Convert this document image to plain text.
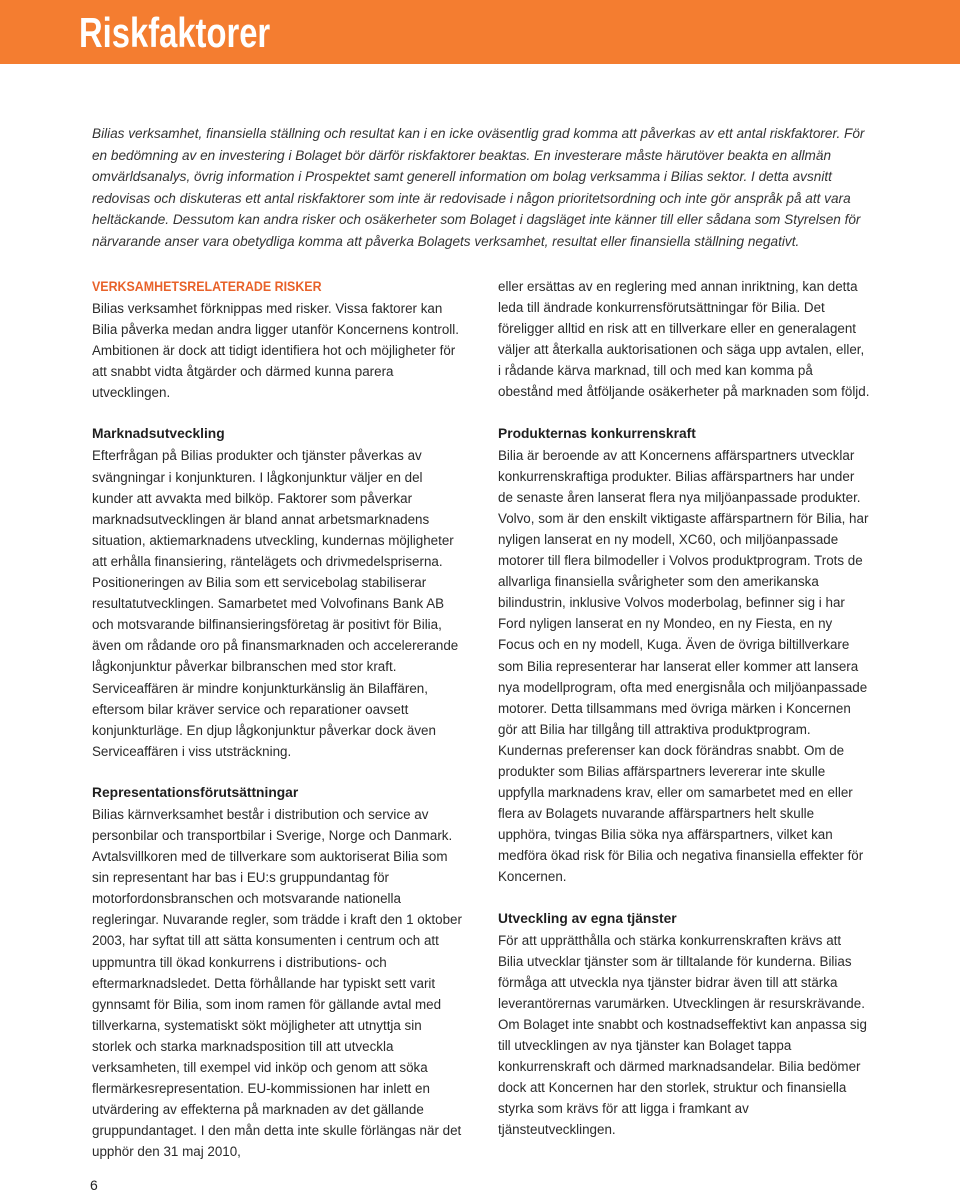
Riskfaktorer

Bilias verksamhet, finansiella ställning och resultat kan i en icke oväsentlig grad komma att påverkas av ett antal riskfaktorer. För en bedömning av en investering i Bolaget bör därför riskfaktorer beaktas. En investerare måste härutöver beakta en allmän omvärldsanalys, övrig information i Prospektet samt generell information om bolag verksamma i Bilias sektor. I detta avsnitt redovisas och diskuteras ett antal riskfaktorer som inte är redovisade i någon prioritetsordning och inte gör anspråk på att vara heltäckande. Dessutom kan andra risker och osäkerheter som Bolaget i dagsläget inte känner till eller sådana som Styrelsen för närvarande anser vara obetydliga komma att påverka Bolagets verksamhet, resultat eller finansiella ställning negativt.

VERKSAMHETSRELATERADE RISKER

Bilias verksamhet förknippas med risker. Vissa faktorer kan Bilia påverka medan andra ligger utanför Koncernens kontroll. Ambitionen är dock att tidigt identifiera hot och möjligheter för att snabbt vidta åtgärder och därmed kunna parera utvecklingen.

Marknadsutveckling

Efterfrågan på Bilias produkter och tjänster påverkas av svängningar i konjunkturen. I lågkonjunktur väljer en del kunder att avvakta med bilköp. Faktorer som påverkar marknadsutvecklingen är bland annat arbetsmarknadens situation, aktiemarknadens utveckling, kundernas möjligheter att erhålla finansiering, räntelägets och drivmedelspriserna. Positioneringen av Bilia som ett servicebolag stabiliserar resultatutvecklingen. Samarbetet med Volvofinans Bank AB och motsvarande bilfinansieringsföretag är positivt för Bilia, även om rådande oro på finansmarknaden och accelererande lågkonjunktur påverkar bilbranschen med stor kraft. Serviceaffären är mindre konjunkturkänslig än Bilaffären, eftersom bilar kräver service och reparationer oavsett konjunkturläge. En djup lågkonjunktur påverkar dock även Serviceaffären i viss utsträckning.

Representationsförutsättningar

Bilias kärnverksamhet består i distribution och service av personbilar och transportbilar i Sverige, Norge och Danmark. Avtalsvillkoren med de tillverkare som auktoriserat Bilia som sin representant har bas i EU:s gruppundantag för motorfordonsbranschen och motsvarande nationella regleringar. Nuvarande regler, som trädde i kraft den 1 oktober 2003, har syftat till att sätta konsumenten i centrum och att uppmuntra till ökad konkurrens i distributions- och eftermarknadsledet. Detta förhållande har typiskt sett varit gynnsamt för Bilia, som inom ramen för gällande avtal med tillverkarna, systematiskt sökt möjligheter att utnyttja sin storlek och starka marknadsposition till att utveckla verksamheten, till exempel vid inköp och genom att söka flermärkesrepresentation. EU-kommissionen har inlett en utvärdering av effekterna på marknaden av det gällande gruppundantaget. I den mån detta inte skulle förlängas när det upphör den 31 maj 2010,

eller ersättas av en reglering med annan inriktning, kan detta leda till ändrade konkurrensförutsättningar för Bilia. Det föreligger alltid en risk att en tillverkare eller en generalagent väljer att återkalla auktorisationen och säga upp avtalen, eller, i rådande kärva marknad, till och med kan komma på obestånd med åtföljande osäkerheter på marknaden som följd.

Produkternas konkurrenskraft

Bilia är beroende av att Koncernens affärspartners utvecklar konkurrenskraftiga produkter. Bilias affärspartners har under de senaste åren lanserat flera nya miljöanpassade produkter. Volvo, som är den enskilt viktigaste affärspartnern för Bilia, har nyligen lanserat en ny modell, XC60, och miljöanpassade motorer till flera bilmodeller i Volvos produktprogram. Trots de allvarliga finansiella svårigheter som den amerikanska bilindustrin, inklusive Volvos moderbolag, befinner sig i har Ford nyligen lanserat en ny Mondeo, en ny Fiesta, en ny Focus och en ny modell, Kuga. Även de övriga biltillverkare som Bilia representerar har lanserat eller kommer att lansera nya modellprogram, ofta med energisnåla och miljöanpassade motorer. Detta tillsammans med övriga märken i Koncernen gör att Bilia har tillgång till attraktiva produktprogram. Kundernas preferenser kan dock förändras snabbt. Om de produkter som Bilias affärspartners levererar inte skulle uppfylla marknadens krav, eller om samarbetet med en eller flera av Bolagets nuvarande affärspartners helt skulle upphöra, tvingas Bilia söka nya affärspartners, vilket kan medföra ökad risk för Bilia och negativa finansiella effekter för Koncernen.

Utveckling av egna tjänster

För att upprätthålla och stärka konkurrenskraften krävs att Bilia utvecklar tjänster som är tilltalande för kunderna. Bilias förmåga att utveckla nya tjänster bidrar även till att stärka leverantörernas varumärken. Utvecklingen är resurskrävande. Om Bolaget inte snabbt och kostnadseffektivt kan anpassa sig till utvecklingen av nya tjänster kan Bolaget tappa konkurrenskraft och därmed marknadsandelar. Bilia bedömer dock att Koncernen har den storlek, struktur och finansiella styrka som krävs för att ligga i framkant av tjänsteutvecklingen.

6
